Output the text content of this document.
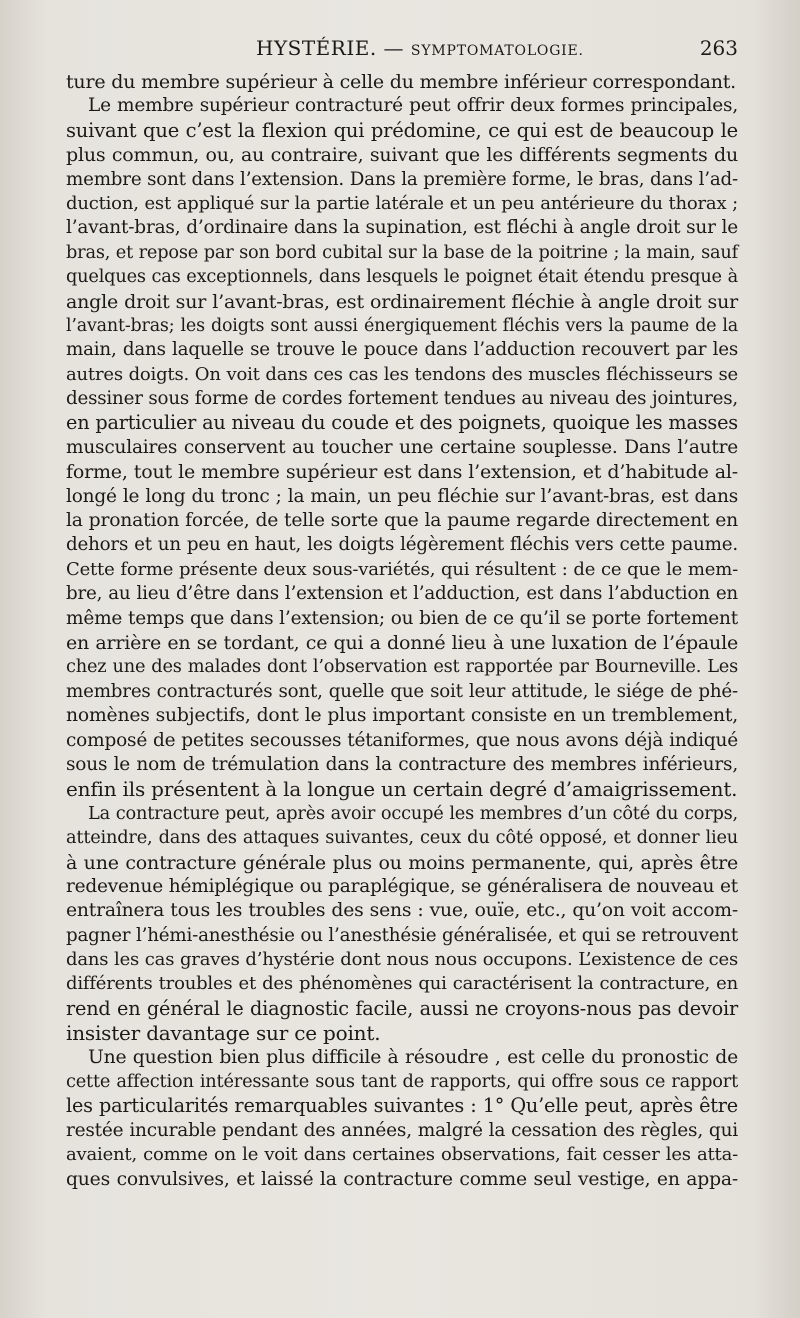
HYSTÉRIE. — SYMPTOMATOLOGIE.	263
ture du membre supérieur à celle du membre inférieur correspondant.
Le membre supérieur contracturé peut offrir deux formes principales,
suivant que c’est la flexion qui prédomine, ce qui est de beaucoup le
plus commun, ou, au contraire, suivant que les différents segments du
membre sont dans l’extension. Dans la première forme, le bras, dans l’ad-
duction, est appliqué sur la partie latérale et un peu antérieure du thorax ;
l’avant-bras, d’ordinaire dans la supination, est fléchi à angle droit sur le
bras, et repose par son bord cubital sur la base de la poitrine ; la main, sauf
quelques cas exceptionnels, dans lesquels le poignet était étendu presque à
angle droit sur l’avant-bras, est ordinairement fléchie à angle droit sur
l’avant-bras; les doigts sont aussi énergiquement fléchis vers la paume de la
main, dans laquelle se trouve le pouce dans l’adduction recouvert par les
autres doigts. On voit dans ces cas les tendons des muscles fléchisseurs se
dessiner sous forme de cordes fortement tendues au niveau des jointures,
en particulier au niveau du coude et des poignets, quoique les masses
musculaires conservent au toucher une certaine souplesse. Dans l’autre
forme, tout le membre supérieur est dans l’extension, et d’habitude al-
longé le long du tronc ; la main, un peu fléchie sur l’avant-bras, est dans
la pronation forcée, de telle sorte que la paume regarde directement en
dehors et un peu en haut, les doigts légèrement fléchis vers cette paume.
Cette forme présente deux sous-variétés, qui résultent : de ce que le mem-
bre, au lieu d’être dans l’extension et l’adduction, est dans l’abduction en
même temps que dans l’extension; ou bien de ce qu’il se porte fortement
en arrière en se tordant, ce qui a donné lieu à une luxation de l’épaule
chez une des malades dont l’observation est rapportée par Bourneville. Les
membres contracturés sont, quelle que soit leur attitude, le siége de phé-
nomènes subjectifs, dont le plus important consiste en un tremblement,
composé de petites secousses tétaniformes, que nous avons déjà indiqué
sous le nom de trémulation dans la contracture des membres inférieurs,
enfin ils présentent à la longue un certain degré d’amaigrissement.
La contracture peut, après avoir occupé les membres d’un côté du corps,
atteindre, dans des attaques suivantes, ceux du côté opposé, et donner lieu
à une contracture générale plus ou moins permanente, qui, après être
redevenue hémiplégique ou paraplégique, se généralisera de nouveau et
entraînera tous les troubles des sens : vue, ouïe, etc., qu’on voit accom-
pagner l’hémi-anesthésie ou l’anesthésie généralisée, et qui se retrouvent
dans les cas graves d’hystérie dont nous nous occupons. L’existence de ces
différents troubles et des phénomènes qui caractérisent la contracture, en
rend en général le diagnostic facile, aussi ne croyons-nous pas devoir
insister davantage sur ce point.
Une question bien plus difficile à résoudre , est celle du pronostic de
cette affection intéressante sous tant de rapports, qui offre sous ce rapport
les particularités remarquables suivantes : 1° Qu’elle peut, après être
restée incurable pendant des années, malgré la cessation des règles, qui
avaient, comme on le voit dans certaines observations, fait cesser les atta-
ques convulsives, et laissé la contracture comme seul vestige, en appa-
